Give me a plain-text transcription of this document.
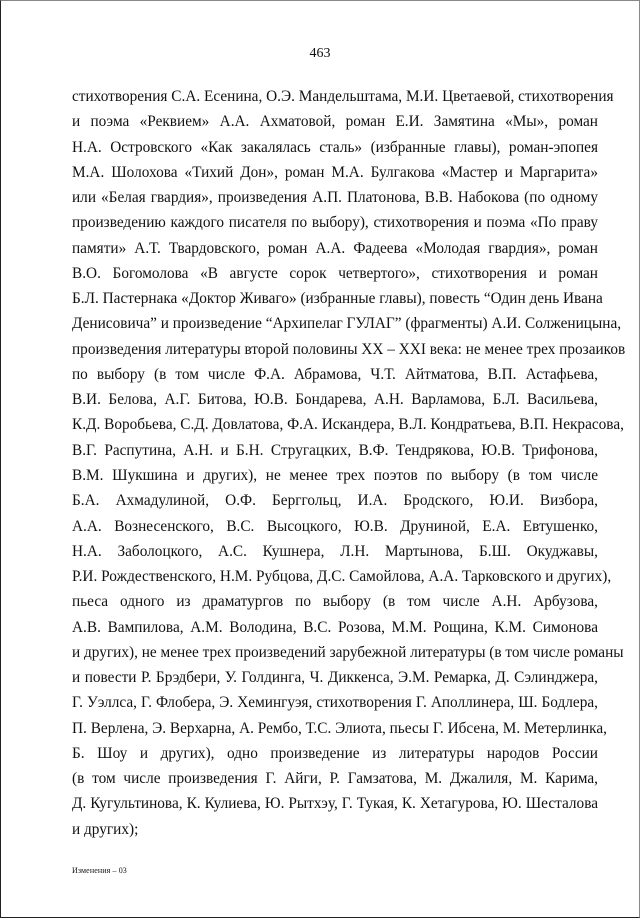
463
стихотворения С.А. Есенина, О.Э. Мандельштама, М.И. Цветаевой, стихотворения
и поэма «Реквием» А.А. Ахматовой, роман Е.И. Замятина «Мы», роман
Н.А. Островского «Как закалялась сталь» (избранные главы), роман-эпопея
М.А. Шолохова «Тихий Дон», роман М.А. Булгакова «Мастер и Маргарита»
или «Белая гвардия», произведения А.П. Платонова, В.В. Набокова (по одному
произведению каждого писателя по выбору), стихотворения и поэма «По праву
памяти» А.Т. Твардовского, роман А.А. Фадеева «Молодая гвардия», роман
В.О. Богомолова «В августе сорок четвертого», стихотворения и роман
Б.Л. Пастернака «Доктор Живаго» (избранные главы), повесть “Один день Ивана
Денисовича” и произведение “Архипелаг ГУЛАГ” (фрагменты) А.И. Солженицына,
произведения литературы второй половины XX – XXI века: не менее трех прозаиков
по выбору (в том числе Ф.А. Абрамова, Ч.Т. Айтматова, В.П. Астафьева,
В.И. Белова, А.Г. Битова, Ю.В. Бондарева, А.Н. Варламова, Б.Л. Васильева,
К.Д. Воробьева, С.Д. Довлатова, Ф.А. Искандера, В.Л. Кондратьева, В.П. Некрасова,
В.Г. Распутина, А.Н. и Б.Н. Стругацких, В.Ф. Тендрякова, Ю.В. Трифонова,
В.М. Шукшина и других), не менее трех поэтов по выбору (в том числе
Б.А. Ахмадулиной, О.Ф. Берггольц, И.А. Бродского, Ю.И. Визбора,
А.А. Вознесенского, В.С. Высоцкого, Ю.В. Друниной, Е.А. Евтушенко,
Н.А. Заболоцкого, А.С. Кушнера, Л.Н. Мартынова, Б.Ш. Окуджавы,
Р.И. Рождественского, Н.М. Рубцова, Д.С. Самойлова, А.А. Тарковского и других),
пьеса одного из драматургов по выбору (в том числе А.Н. Арбузова,
А.В. Вампилова, А.М. Володина, В.С. Розова, М.М. Рощина, К.М. Симонова
и других), не менее трех произведений зарубежной литературы (в том числе романы
и повести Р. Брэдбери, У. Голдинга, Ч. Диккенса, Э.М. Ремарка, Д. Сэлинджера,
Г. Уэллса, Г. Флобера, Э. Хемингуэя, стихотворения Г. Аполлинера, Ш. Бодлера,
П. Верлена, Э. Верхарна, А. Рембо, Т.С. Элиота, пьесы Г. Ибсена, М. Метерлинка,
Б. Шоу и других), одно произведение из литературы народов России
(в том числе произведения Г. Айги, Р. Гамзатова, М. Джалиля, М. Карима,
Д. Кугультинова, К. Кулиева, Ю. Рытхэу, Г. Тукая, К. Хетагурова, Ю. Шесталова
и других);
Изменения – 03
